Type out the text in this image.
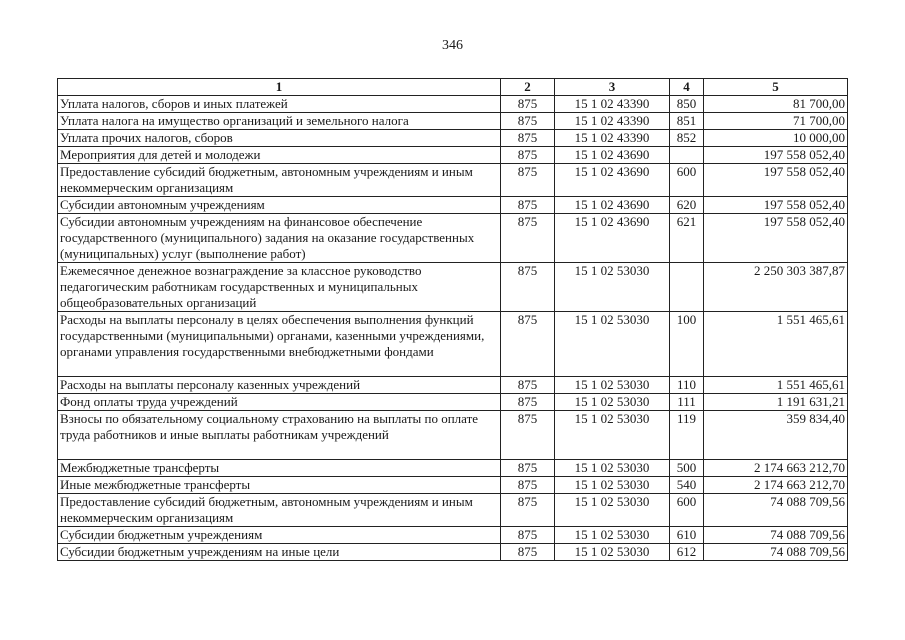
346
1	2	3	4	5
Уплата налогов, сборов и иных платежей	875	15 1 02 43390	850	81 700,00
Уплата налога на имущество организаций и земельного налога	875	15 1 02 43390	851	71 700,00
Уплата прочих налогов, сборов	875	15 1 02 43390	852	10 000,00
Мероприятия для детей и молодежи	875	15 1 02 43690		197 558 052,40
Предоставление субсидий бюджетным, автономным учреждениям и иным некоммерческим организациям	875	15 1 02 43690	600	197 558 052,40
Субсидии автономным учреждениям	875	15 1 02 43690	620	197 558 052,40
Субсидии автономным учреждениям на финансовое обеспечение государственного (муниципального) задания на оказание государственных (муниципальных) услуг (выполнение работ)	875	15 1 02 43690	621	197 558 052,40
Ежемесячное денежное вознаграждение за классное руководство педагогическим работникам государственных и муниципальных общеобразовательных организаций	875	15 1 02 53030		2 250 303 387,87
Расходы на выплаты персоналу в целях обеспечения выполнения функций государственными (муниципальными) органами, казенными учреждениями, органами управления государственными внебюджетными фондами	875	15 1 02 53030	100	1 551 465,61
Расходы на выплаты персоналу казенных учреждений	875	15 1 02 53030	110	1 551 465,61
Фонд оплаты труда учреждений	875	15 1 02 53030	111	1 191 631,21
Взносы по обязательному социальному страхованию на выплаты по оплате труда работников и иные выплаты работникам учреждений	875	15 1 02 53030	119	359 834,40
Межбюджетные трансферты	875	15 1 02 53030	500	2 174 663 212,70
Иные межбюджетные трансферты	875	15 1 02 53030	540	2 174 663 212,70
Предоставление субсидий бюджетным, автономным учреждениям и иным некоммерческим организациям	875	15 1 02 53030	600	74 088 709,56
Субсидии бюджетным учреждениям	875	15 1 02 53030	610	74 088 709,56
Субсидии бюджетным учреждениям на иные цели	875	15 1 02 53030	612	74 088 709,56
